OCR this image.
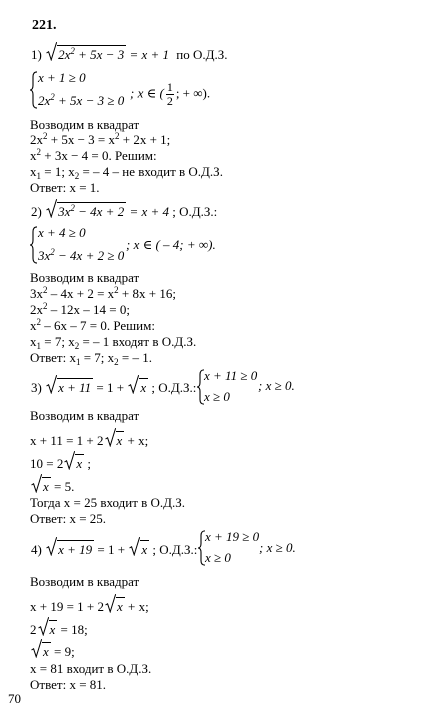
221.
1) $2x^2 + 5x - 3 = x + 1$ по О.Д.З.
x + 1 ≥ 0
$2x^2 + 5x - 3 \ge 0$
; x ∈ ( $\frac{1}{2}$ ; + ∞).
Возводим в квадрат
$2x^2 + 5x - 3 = x^2 + 2x + 1$;
$x^2 + 3x - 4 = 0$. Решим:
$x_1 = 1$; $x_2$ = – 4 – не входит в О.Д.З.
Ответ: x = 1.
2) $3x^2 - 4x + 2 = x + 4$ ; О.Д.З.:
x + 4 ≥ 0
$3x^2 - 4x + 2 \ge 0$
; x ∈ ( – 4; + ∞).
Возводим в квадрат
$3x^2 - 4x + 2 = x^2 + 8x + 16$;
$2x^2 - 12x - 14 = 0$;
$x^2 - 6x - 7 = 0$. Решим:
$x_1 = 7$; $x_2$ = – 1 входят в О.Д.З.
Ответ: $x_1 = 7$; $x_2$ = – 1.
3) x + 11 = 1 +
x ; О.Д.З.:
x + 11 ≥ 0
x ≥ 0
; x ≥ 0.
Возводим в квадрат
x + 11 = 1 + 2 x + x;
10 = 2 x ;
x = 5.
Тогда x = 25 входит в О.Д.З.
Ответ: x = 25.
4) x + 19 = 1 +
x ; О.Д.З.:
x + 19 ≥ 0
x ≥ 0
; x ≥ 0.
Возводим в квадрат
x + 19 = 1 + 2 x + x;
2 x = 18;
x = 9;
x = 81 входит в О.Д.З.
Ответ: x = 81.
70
